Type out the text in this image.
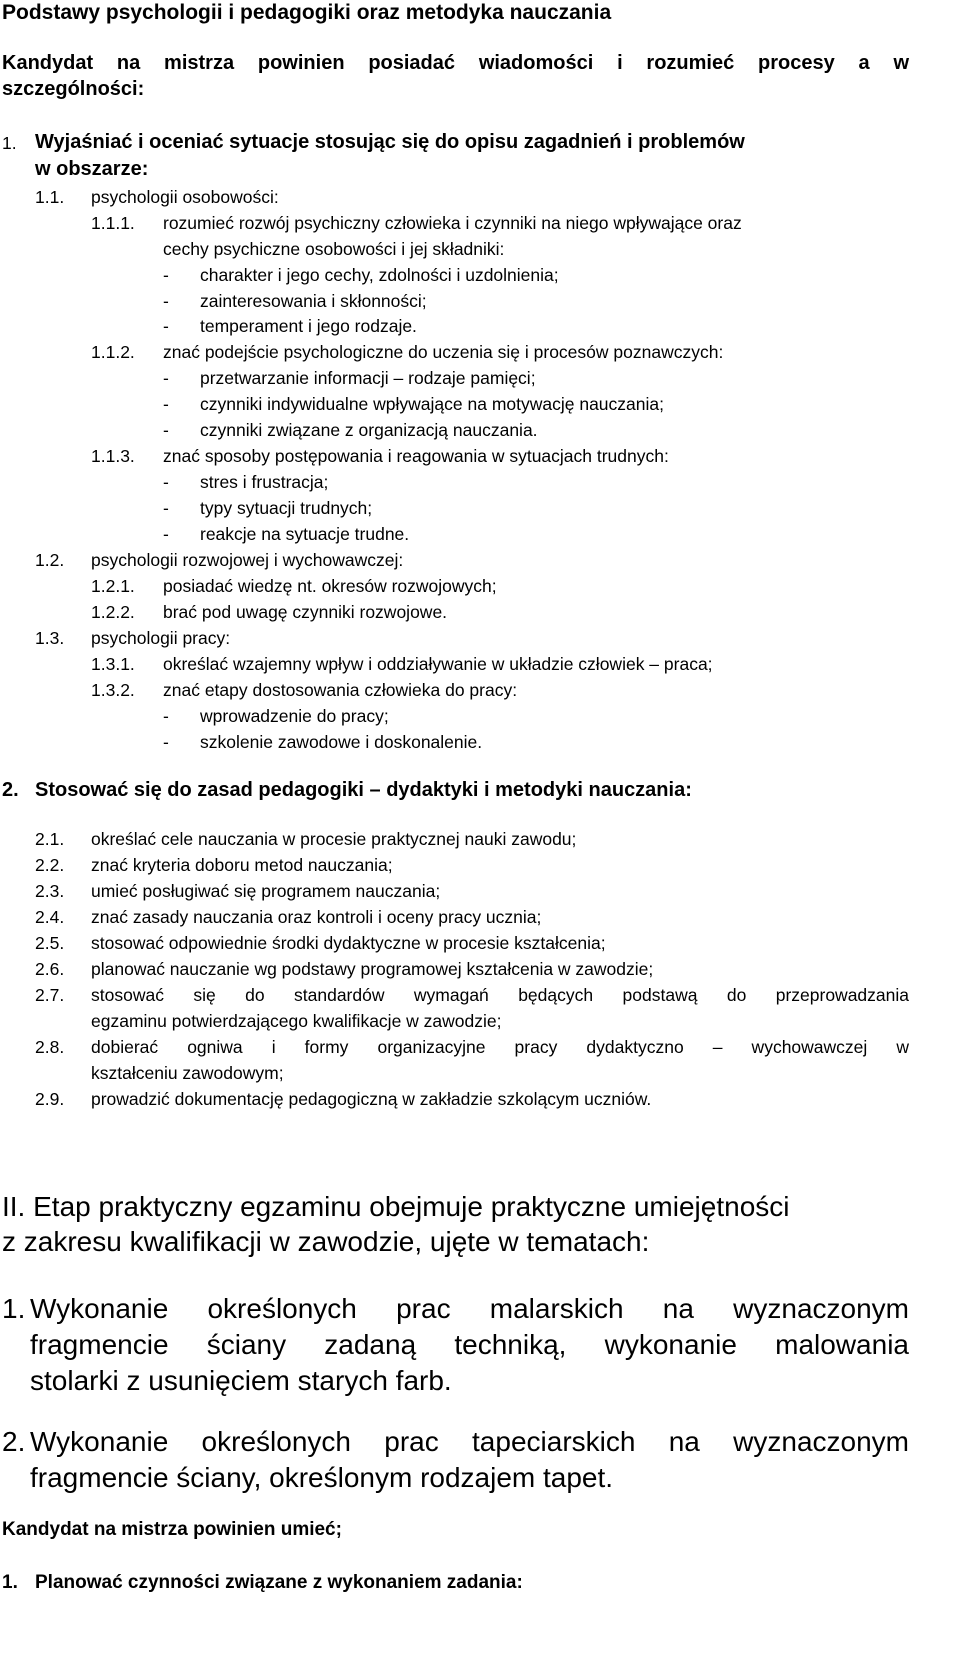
Podstawy psychologii i pedagogiki oraz metodyka nauczania
Kandydat na mistrza powinien posiadać wiadomości i rozumieć procesy a w
szczególności:
1. Wyjaśniać i oceniać sytuacje stosując się do opisu zagadnień i problemów
w obszarze:
1.1. psychologii osobowości:
1.1.1. rozumieć rozwój psychiczny człowieka i czynniki na niego wpływające oraz
cechy psychiczne osobowości i jej składniki:
- charakter i jego cechy, zdolności i uzdolnienia;
- zainteresowania i skłonności;
- temperament i jego rodzaje.
1.1.2. znać podejście psychologiczne do uczenia się i procesów poznawczych:
- przetwarzanie informacji – rodzaje pamięci;
- czynniki indywidualne wpływające na motywację nauczania;
- czynniki związane z organizacją nauczania.
1.1.3. znać sposoby postępowania i reagowania w sytuacjach trudnych:
- stres i frustracja;
- typy sytuacji trudnych;
- reakcje na sytuacje trudne.
1.2. psychologii rozwojowej i wychowawczej:
1.2.1. posiadać wiedzę nt. okresów rozwojowych;
1.2.2. brać pod uwagę czynniki rozwojowe.
1.3. psychologii pracy:
1.3.1. określać wzajemny wpływ i oddziaływanie w układzie człowiek – praca;
1.3.2. znać etapy dostosowania człowieka do pracy:
- wprowadzenie do pracy;
- szkolenie zawodowe i doskonalenie.
2. Stosować się do zasad pedagogiki – dydaktyki i metodyki nauczania:
2.1. określać cele nauczania w procesie praktycznej nauki zawodu;
2.2. znać kryteria doboru metod nauczania;
2.3. umieć posługiwać się programem nauczania;
2.4. znać zasady nauczania oraz kontroli i oceny pracy ucznia;
2.5. stosować odpowiednie środki dydaktyczne w procesie kształcenia;
2.6. planować nauczanie wg podstawy programowej kształcenia w zawodzie;
2.7. stosować się do standardów wymagań będących podstawą do przeprowadzania
egzaminu potwierdzającego kwalifikacje w zawodzie;
2.8. dobierać ogniwa i formy organizacyjne pracy dydaktyczno – wychowawczej w
kształceniu zawodowym;
2.9. prowadzić dokumentację pedagogiczną w zakładzie szkolącym uczniów.
II. Etap praktyczny egzaminu obejmuje praktyczne umiejętności
z zakresu kwalifikacji w zawodzie, ujęte w tematach:
1. Wykonanie określonych prac malarskich na wyznaczonym
fragmencie ściany zadaną techniką, wykonanie malowania
stolarki z usunięciem starych farb.
2. Wykonanie określonych prac tapeciarskich na wyznaczonym
fragmencie ściany, określonym rodzajem tapet.
Kandydat na mistrza powinien umieć;
1. Planować czynności związane z wykonaniem zadania:
